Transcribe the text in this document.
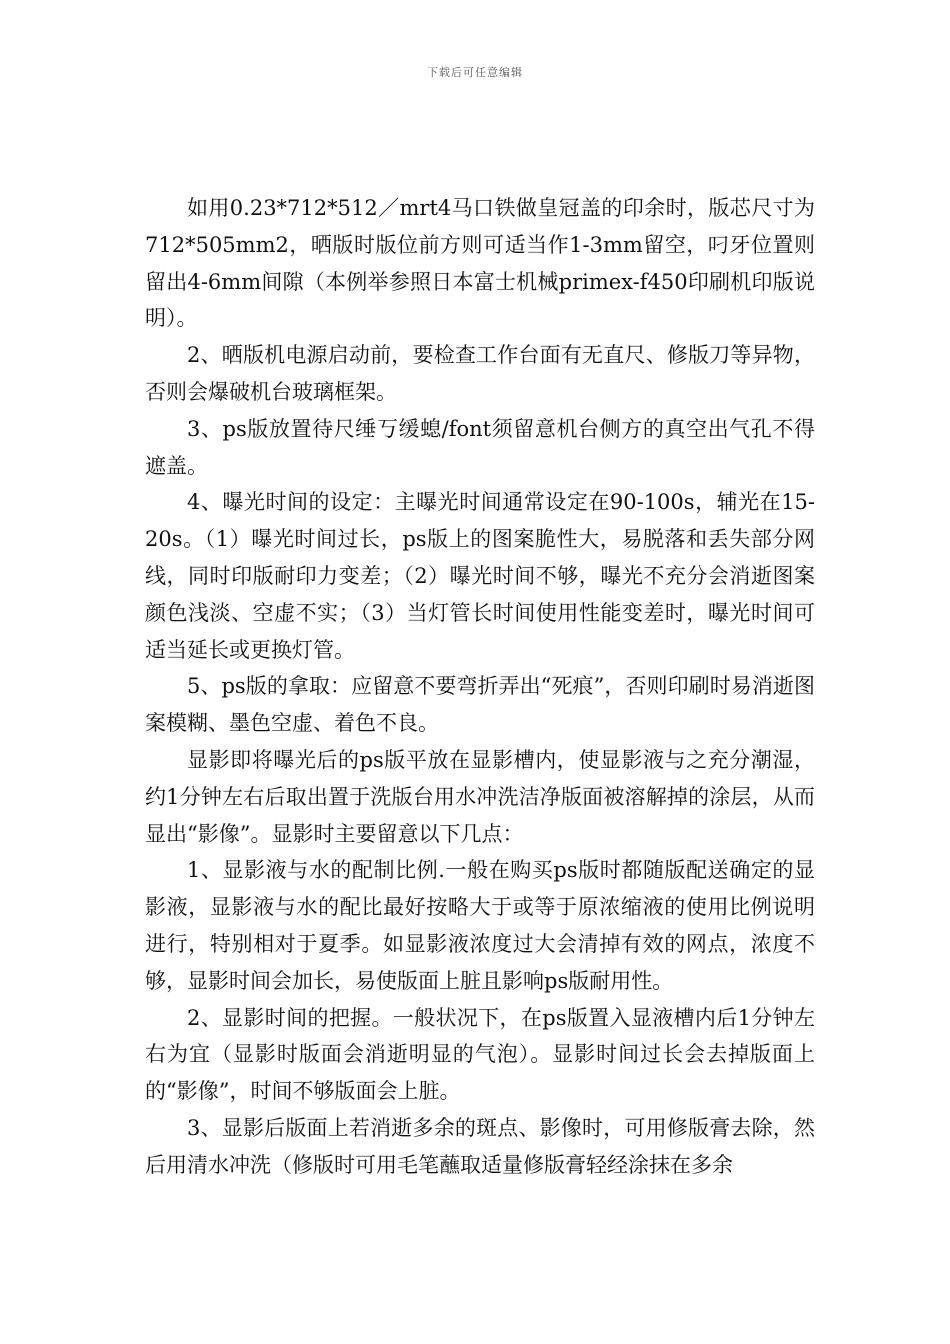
下载后可任意编辑

如用0.23*712*512／mrt4马口铁做皇冠盖的印余时，版芯尺寸为712*505mm2，晒版时版位前方则可适当作1-3mm留空，叼牙位置则留出4-6mm间隙（本例举参照日本富士机械primex-f450印刷机印版说明）。

2、晒版机电源启动前，要检查工作台面有无直尺、修版刀等异物，否则会爆破机台玻璃框架。

3、ps版放置待尺缍丂缓螅/font须留意机台侧方的真空出气孔不得遮盖。

4、曝光时间的设定：主曝光时间通常设定在90-100s，辅光在15-20s。（1）曝光时间过长，ps版上的图案脆性大，易脱落和丢失部分网线，同时印版耐印力变差；（2）曝光时间不够，曝光不充分会消逝图案颜色浅淡、空虚不实；（3）当灯管长时间使用性能变差时，曝光时间可适当延长或更换灯管。

5、ps版的拿取：应留意不要弯折弄出“死痕”，否则印刷时易消逝图案模糊、墨色空虚、着色不良。

显影即将曝光后的ps版平放在显影槽内，使显影液与之充分潮湿，约1分钟左右后取出置于洗版台用水冲洗洁净版面被溶解掉的涂层，从而显出“影像”。显影时主要留意以下几点：

1、显影液与水的配制比例.一般在购买ps版时都随版配送确定的显影液，显影液与水的配比最好按略大于或等于原浓缩液的使用比例说明进行，特别相对于夏季。如显影液浓度过大会清掉有效的网点，浓度不够，显影时间会加长，易使版面上脏且影响ps版耐用性。

2、显影时间的把握。一般状况下，在ps版置入显液槽内后1分钟左右为宜（显影时版面会消逝明显的气泡）。显影时间过长会去掉版面上的“影像”，时间不够版面会上脏。

3、显影后版面上若消逝多余的斑点、影像时，可用修版膏去除，然后用清水冲洗（修版时可用毛笔蘸取适量修版膏轻经涂抹在多余
